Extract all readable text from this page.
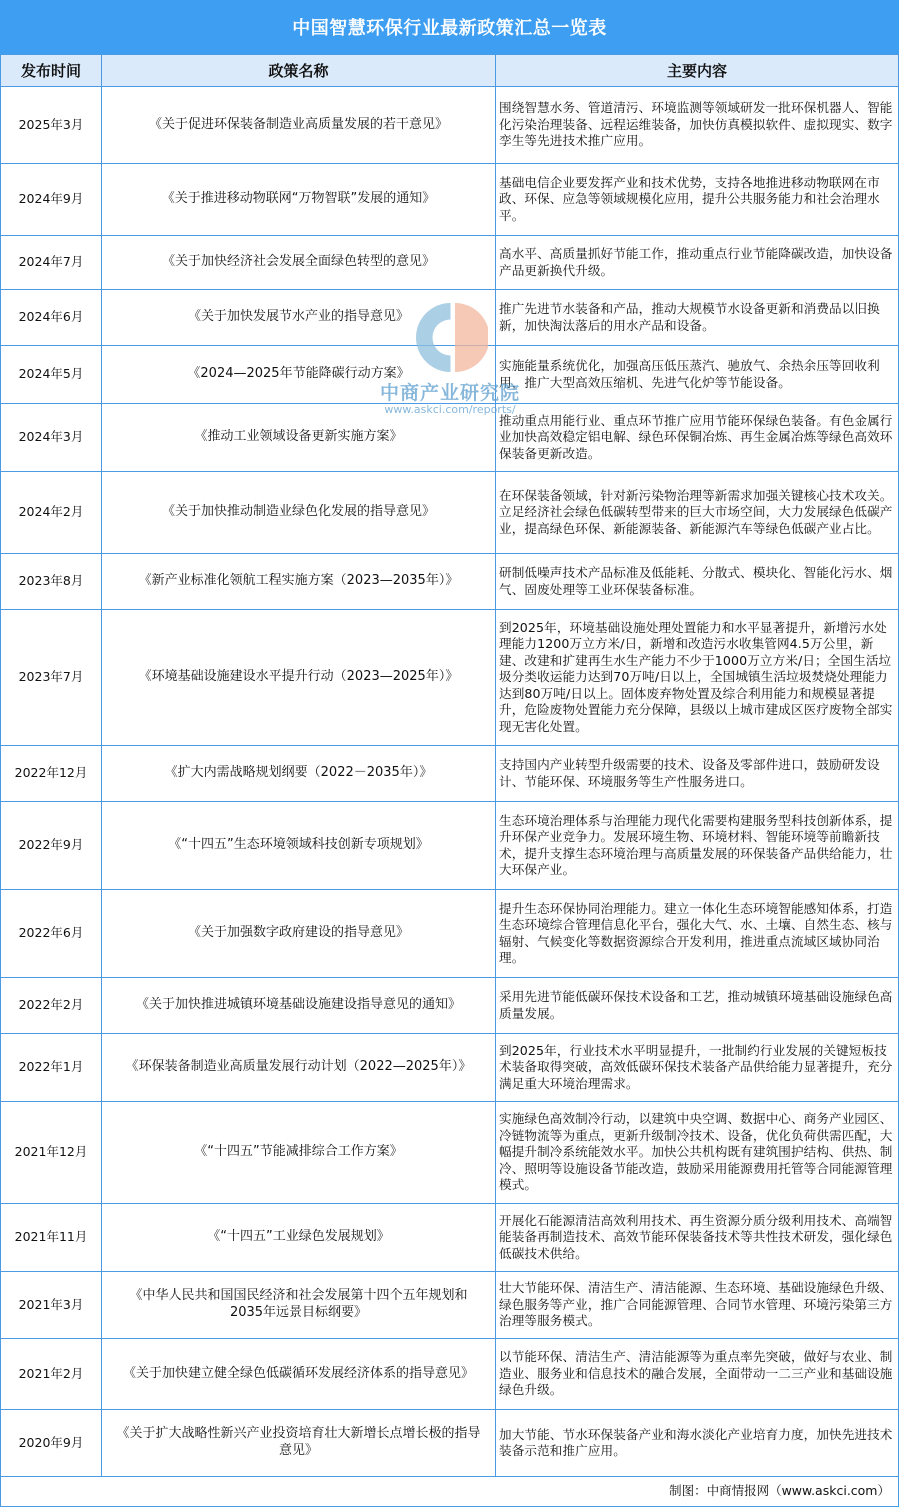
中国智慧环保行业最新政策汇总一览表
发布时间	政策名称	主要内容
2025年3月	《关于促进环保装备制造业高质量发展的若干意见》	围绕智慧水务、管道清污、环境监测等领域研发一批环保机器人、智能化污染治理装备、远程运维装备，加快仿真模拟软件、虚拟现实、数字孪生等先进技术推广应用。
2024年9月	《关于推进移动物联网“万物智联”发展的通知》	基础电信企业要发挥产业和技术优势，支持各地推进移动物联网在市政、环保、应急等领域规模化应用，提升公共服务能力和社会治理水平。
2024年7月	《关于加快经济社会发展全面绿色转型的意见》	高水平、高质量抓好节能工作，推动重点行业节能降碳改造，加快设备产品更新换代升级。
2024年6月	《关于加快发展节水产业的指导意见》	推广先进节水装备和产品，推动大规模节水设备更新和消费品以旧换新，加快淘汰落后的用水产品和设备。
2024年5月	《2024—2025年节能降碳行动方案》	实施能量系统优化，加强高压低压蒸汽、驰放气、余热余压等回收利用，推广大型高效压缩机、先进气化炉等节能设备。
2024年3月	《推动工业领域设备更新实施方案》	推动重点用能行业、重点环节推广应用节能环保绿色装备。有色金属行业加快高效稳定铝电解、绿色环保铜冶炼、再生金属冶炼等绿色高效环保装备更新改造。
2024年2月	《关于加快推动制造业绿色化发展的指导意见》	在环保装备领域，针对新污染物治理等新需求加强关键核心技术攻关。立足经济社会绿色低碳转型带来的巨大市场空间，大力发展绿色低碳产业，提高绿色环保、新能源装备、新能源汽车等绿色低碳产业占比。
2023年8月	《新产业标准化领航工程实施方案（2023—2035年）》	研制低噪声技术产品标准及低能耗、分散式、模块化、智能化污水、烟气、固废处理等工业环保装备标准。
2023年7月	《环境基础设施建设水平提升行动（2023—2025年）》	到2025年，环境基础设施处理处置能力和水平显著提升，新增污水处理能力1200万立方米/日，新增和改造污水收集管网4.5万公里，新建、改建和扩建再生水生产能力不少于1000万立方米/日；全国生活垃圾分类收运能力达到70万吨/日以上，全国城镇生活垃圾焚烧处理能力达到80万吨/日以上。固体废弃物处置及综合利用能力和规模显著提升，危险废物处置能力充分保障，县级以上城市建成区医疗废物全部实现无害化处置。
2022年12月	《扩大内需战略规划纲要（2022－2035年）》	支持国内产业转型升级需要的技术、设备及零部件进口，鼓励研发设计、节能环保、环境服务等生产性服务进口。
2022年9月	《“十四五”生态环境领域科技创新专项规划》	生态环境治理体系与治理能力现代化需要构建服务型科技创新体系，提升环保产业竞争力。发展环境生物、环境材料、智能环境等前瞻新技术，提升支撑生态环境治理与高质量发展的环保装备产品供给能力，壮大环保产业。
2022年6月	《关于加强数字政府建设的指导意见》	提升生态环保协同治理能力。建立一体化生态环境智能感知体系，打造生态环境综合管理信息化平台，强化大气、水、土壤、自然生态、核与辐射、气候变化等数据资源综合开发利用，推进重点流域区域协同治理。
2022年2月	《关于加快推进城镇环境基础设施建设指导意见的通知》	采用先进节能低碳环保技术设备和工艺，推动城镇环境基础设施绿色高质量发展。
2022年1月	《环保装备制造业高质量发展行动计划（2022—2025年）》	到2025年，行业技术水平明显提升，一批制约行业发展的关键短板技术装备取得突破，高效低碳环保技术装备产品供给能力显著提升，充分满足重大环境治理需求。
2021年12月	《“十四五”节能减排综合工作方案》	实施绿色高效制冷行动，以建筑中央空调、数据中心、商务产业园区、冷链物流等为重点，更新升级制冷技术、设备，优化负荷供需匹配，大幅提升制冷系统能效水平。加快公共机构既有建筑围护结构、供热、制冷、照明等设施设备节能改造，鼓励采用能源费用托管等合同能源管理模式。
2021年11月	《“十四五”工业绿色发展规划》	开展化石能源清洁高效利用技术、再生资源分质分级利用技术、高端智能装备再制造技术、高效节能环保装备技术等共性技术研发，强化绿色低碳技术供给。
2021年3月	《中华人民共和国国民经济和社会发展第十四个五年规划和2035年远景目标纲要》	壮大节能环保、清洁生产、清洁能源、生态环境、基础设施绿色升级、绿色服务等产业，推广合同能源管理、合同节水管理、环境污染第三方治理等服务模式。
2021年2月	《关于加快建立健全绿色低碳循环发展经济体系的指导意见》	以节能环保、清洁生产、清洁能源等为重点率先突破，做好与农业、制造业、服务业和信息技术的融合发展，全面带动一二三产业和基础设施绿色升级。
2020年9月	《关于扩大战略性新兴产业投资培育壮大新增长点增长极的指导意见》	加大节能、节水环保装备产业和海水淡化产业培育力度，加快先进技术装备示范和推广应用。
制图：中商情报网（www.askci.com）		
中商产业研究院
www.askci.com/reports/
